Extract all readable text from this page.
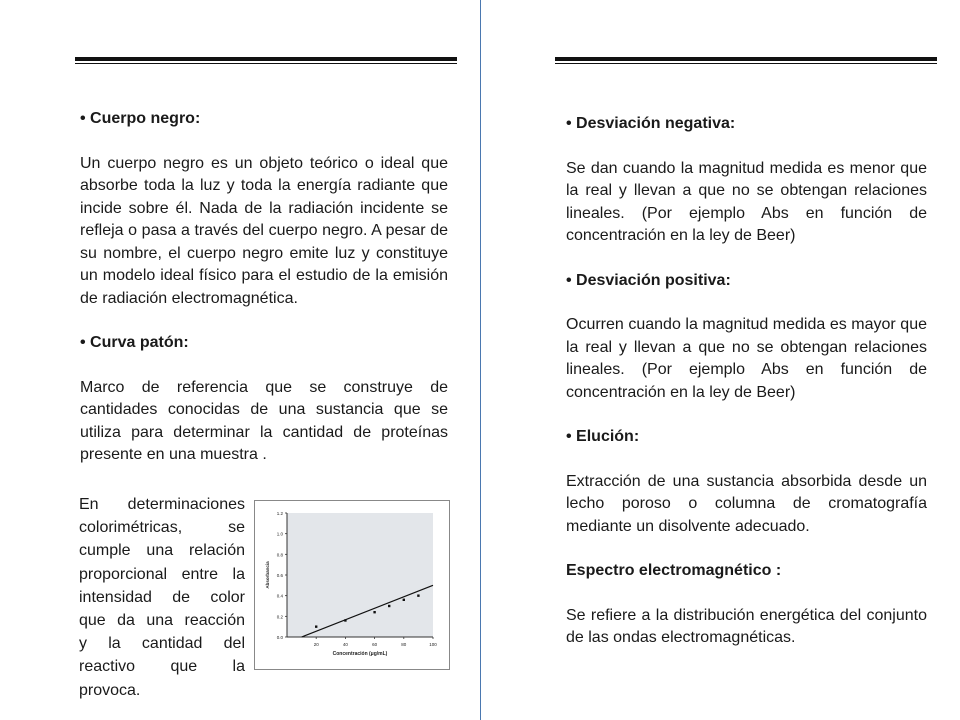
• Cuerpo negro:

Un cuerpo negro es un objeto teórico o ideal que absorbe toda la luz y toda la energía radiante que incide sobre él. Nada de la radiación incidente se refleja o pasa a través del cuerpo negro. A pesar de su nombre, el cuerpo negro emite luz y constituye un modelo ideal físico para el estudio de la emisión de radiación electromagnética.

• Curva patón:

Marco de referencia que se construye de cantidades conocidas de una sustancia que se utiliza para determinar la cantidad de proteínas presente en una muestra .

En determinaciones
colorimétricas, se
cumple una relación
proporcional entre la
intensidad de color
que da una reacción
y la cantidad del
reactivo que la
provoca.
0.0
0.2
0.4
0.6
0.8
1.0
1.2
20	40	60	80	100
Concentración (μg/mL)
Absorbancia

• Desviación negativa:

Se dan cuando la magnitud medida es menor que la real y llevan a que no se obtengan relaciones lineales. (Por ejemplo Abs en función de concentración en la ley de Beer)

• Desviación positiva:

Ocurren cuando la magnitud medida es mayor que la real y llevan a que no se obtengan relaciones lineales. (Por ejemplo Abs en función de concentración en la ley de Beer)

• Elución:

Extracción de una sustancia absorbida desde un lecho poroso o columna de cromatografía mediante un disolvente adecuado.

Espectro electromagnético :

Se refiere a la distribución energética del conjunto de las ondas electromagnéticas.
